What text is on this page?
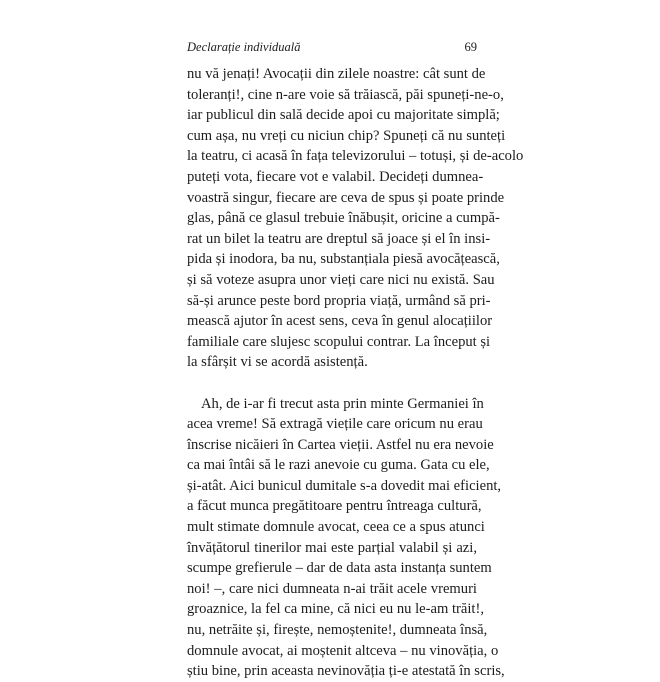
Declarație individuală	69
nu vă jenați! Avocații din zilele noastre: cât sunt de
toleranți!, cine n-are voie să trăiască, păi spuneți-ne-o,
iar publicul din sală decide apoi cu majoritate simplă;
cum așa, nu vreți cu niciun chip? Spuneți că nu sunteți
la teatru, ci acasă în fața televizorului – totuși, și de-acolo
puteți vota, fiecare vot e valabil. Decideți dumnea-
voastră singur, fiecare are ceva de spus și poate prinde
glas, până ce glasul trebuie înăbușit, oricine a cumpă-
rat un bilet la teatru are dreptul să joace și el în insi-
pida și inodora, ba nu, substanțiala piesă avocățească,
și să voteze asupra unor vieți care nici nu există. Sau
să-și arunce peste bord propria viață, urmând să pri-
mească ajutor în acest sens, ceva în genul alocațiilor
familiale care slujesc scopului contrar. La început și
la sfârșit vi se acordă asistență.
Ah, de i-ar fi trecut asta prin minte Germaniei în
acea vreme! Să extragă viețile care oricum nu erau
înscrise nicăieri în Cartea vieții. Astfel nu era nevoie
ca mai întâi să le razi anevoie cu guma. Gata cu ele,
și-atât. Aici bunicul dumitale s-a dovedit mai eficient,
a făcut munca pregătitoare pentru întreaga cultură,
mult stimate domnule avocat, ceea ce a spus atunci
învățătorul tinerilor mai este parțial valabil și azi,
scumpe grefierule – dar de data asta instanța suntem
noi! –, care nici dumneata n-ai trăit acele vremuri
groaznice, la fel ca mine, că nici eu nu le-am trăit!,
nu, netrăite și, firește, nemoștenite!, dumneata însă,
domnule avocat, ai moștenit altceva – nu vinovăția, o
știu bine, prin aceasta nevinovăția ți-e atestată în scris,
